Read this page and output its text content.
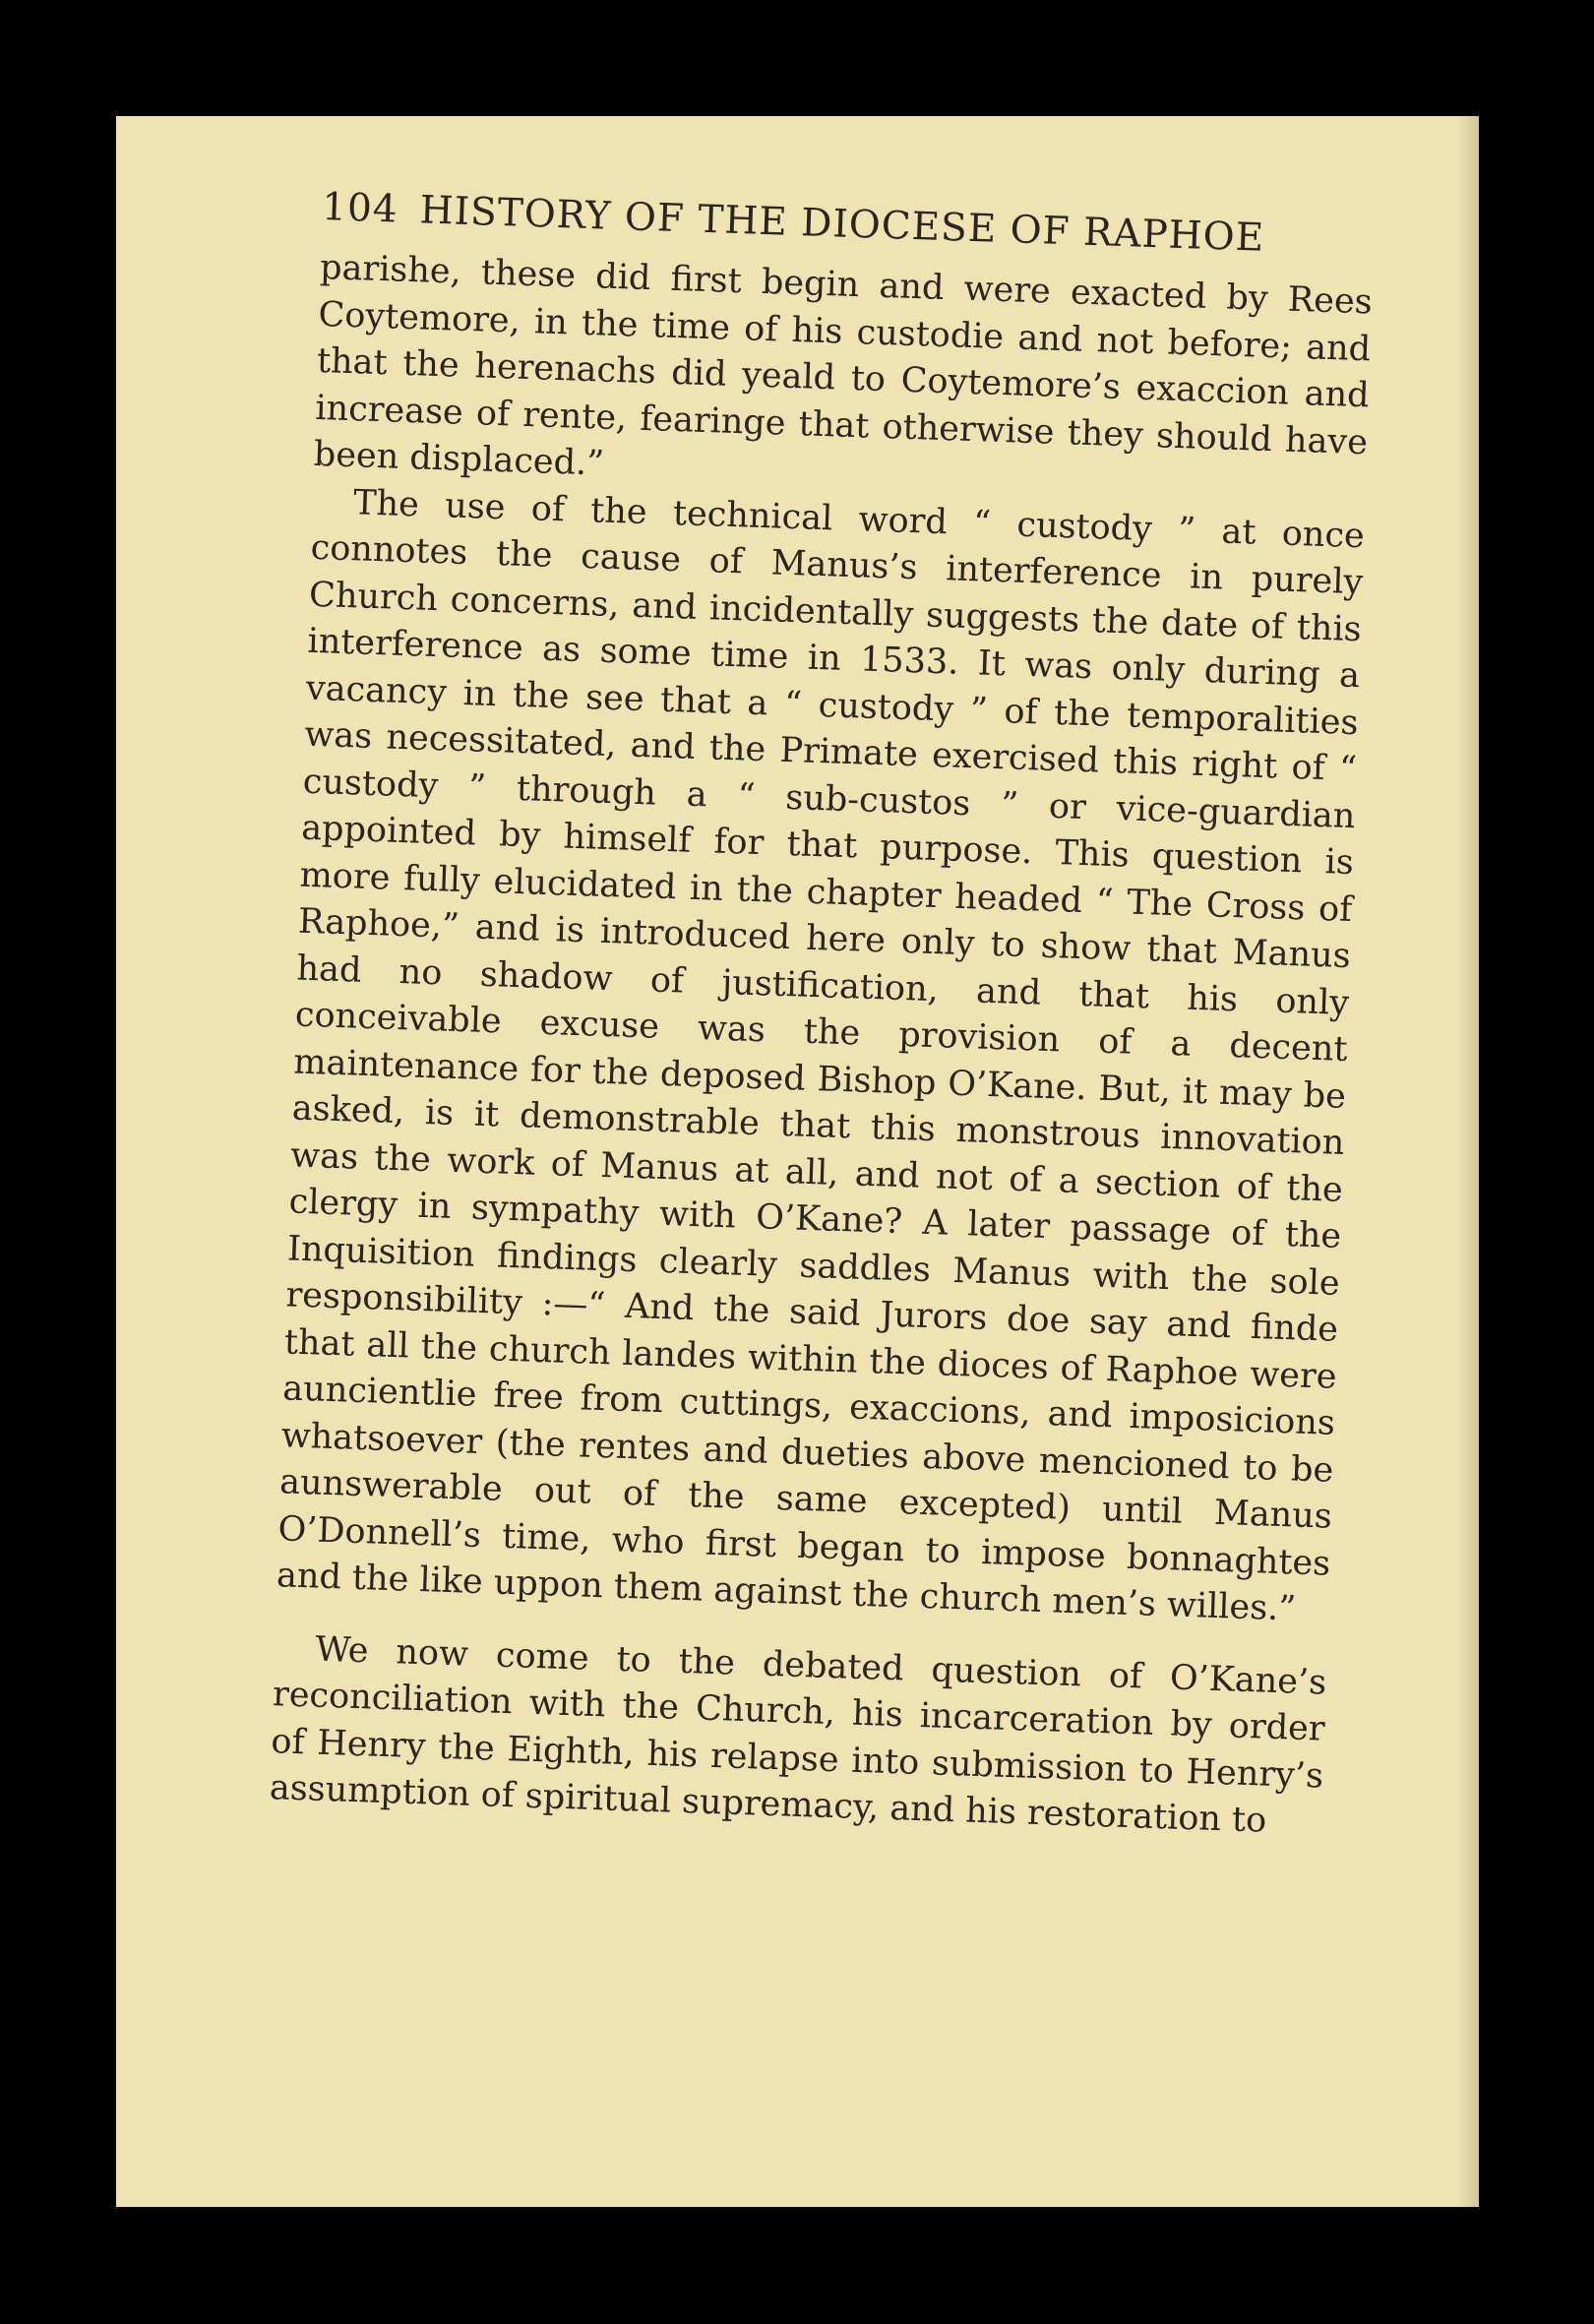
104 HISTORY OF THE DIOCESE OF RAPHOE

parishe, these did first begin and were exacted by Rees Coytemore, in the time of his custodie and not before; and that the herenachs did yeald to Coytemore’s exaccion and increase of rente, fearinge that otherwise they should have been displaced.”

The use of the technical word “ custody ” at once connotes the cause of Manus’s interference in purely Church concerns, and incidentally suggests the date of this interference as some time in 1533. It was only during a vacancy in the see that a “ custody ” of the temporalities was necessitated, and the Primate exercised this right of “ custody ” through a “ sub-custos ” or vice-guardian appointed by himself for that purpose. This question is more fully elucidated in the chapter headed “ The Cross of Raphoe,” and is introduced here only to show that Manus had no shadow of justification, and that his only conceivable excuse was the provision of a decent maintenance for the deposed Bishop O’Kane. But, it may be asked, is it demonstrable that this monstrous innovation was the work of Manus at all, and not of a section of the clergy in sympathy with O’Kane? A later passage of the Inquisition findings clearly saddles Manus with the sole responsibility :—“ And the said Jurors doe say and finde that all the church landes within the dioces of Raphoe were auncientlie free from cuttings, exaccions, and imposicions whatsoever (the rentes and dueties above mencioned to be aunswerable out of the same excepted) until Manus O’Donnell’s time, who first began to impose bonnaghtes and the like uppon them against the church men’s willes.”

We now come to the debated question of O’Kane’s reconciliation with the Church, his incarceration by order of Henry the Eighth, his relapse into submission to Henry’s assumption of spiritual supremacy, and his restoration to
